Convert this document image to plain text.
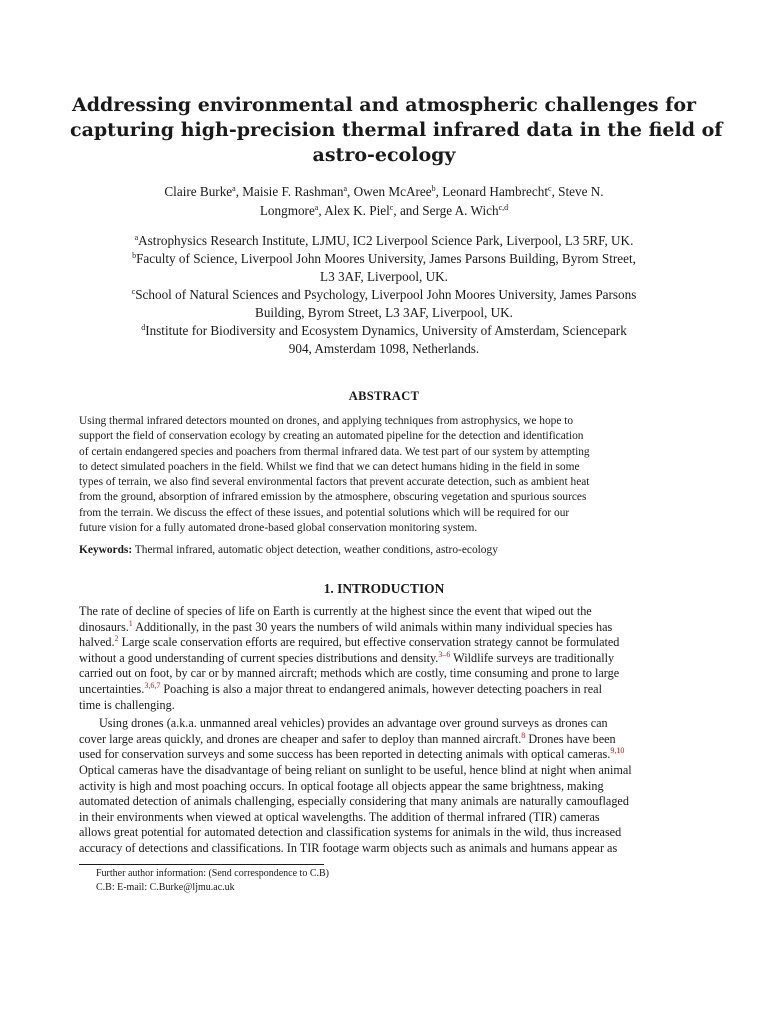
Addressing environmental and atmospheric challenges for
capturing high-precision thermal infrared data in the field of
astro-ecology
Claire Burke$^a$, Maisie F. Rashman$^a$, Owen McAree$^b$, Leonard Hambrecht$^c$, Steve N.
Longmore$^a$, Alex K. Piel$^c$, and Serge A. Wich$^{c,d}$
$^a$Astrophysics Research Institute, LJMU, IC2 Liverpool Science Park, Liverpool, L3 5RF, UK.
$^b$Faculty of Science, Liverpool John Moores University, James Parsons Building, Byrom Street,
L3 3AF, Liverpool, UK.
$^c$School of Natural Sciences and Psychology, Liverpool John Moores University, James Parsons
Building, Byrom Street, L3 3AF, Liverpool, UK.
$^d$Institute for Biodiversity and Ecosystem Dynamics, University of Amsterdam, Sciencepark
904, Amsterdam 1098, Netherlands.
ABSTRACT
Using thermal infrared detectors mounted on drones, and applying techniques from astrophysics, we hope to
support the field of conservation ecology by creating an automated pipeline for the detection and identification
of certain endangered species and poachers from thermal infrared data. We test part of our system by attempting
to detect simulated poachers in the field. Whilst we find that we can detect humans hiding in the field in some
types of terrain, we also find several environmental factors that prevent accurate detection, such as ambient heat
from the ground, absorption of infrared emission by the atmosphere, obscuring vegetation and spurious sources
from the terrain. We discuss the effect of these issues, and potential solutions which will be required for our
future vision for a fully automated drone-based global conservation monitoring system.
Keywords: Thermal infrared, automatic object detection, weather conditions, astro-ecology
1. INTRODUCTION
The rate of decline of species of life on Earth is currently at the highest since the event that wiped out the
dinosaurs.$^1$ Additionally, in the past 30 years the numbers of wild animals within many individual species has
halved.$^2$ Large scale conservation efforts are required, but effective conservation strategy cannot be formulated
without a good understanding of current species distributions and density.$^{3-6}$ Wildlife surveys are traditionally
carried out on foot, by car or by manned aircraft; methods which are costly, time consuming and prone to large
uncertainties.$^{3,6,7}$ Poaching is also a major threat to endangered animals, however detecting poachers in real
time is challenging.
Using drones (a.k.a. unmanned areal vehicles) provides an advantage over ground surveys as drones can
cover large areas quickly, and drones are cheaper and safer to deploy than manned aircraft.$^8$ Drones have been
used for conservation surveys and some success has been reported in detecting animals with optical cameras.$^{9,10}$
Optical cameras have the disadvantage of being reliant on sunlight to be useful, hence blind at night when animal
activity is high and most poaching occurs. In optical footage all objects appear the same brightness, making
automated detection of animals challenging, especially considering that many animals are naturally camouflaged
in their environments when viewed at optical wavelengths. The addition of thermal infrared (TIR) cameras
allows great potential for automated detection and classification systems for animals in the wild, thus increased
accuracy of detections and classifications. In TIR footage warm objects such as animals and humans appear as
Further author information: (Send correspondence to C.B)
C.B: E-mail: C.Burke@ljmu.ac.uk
